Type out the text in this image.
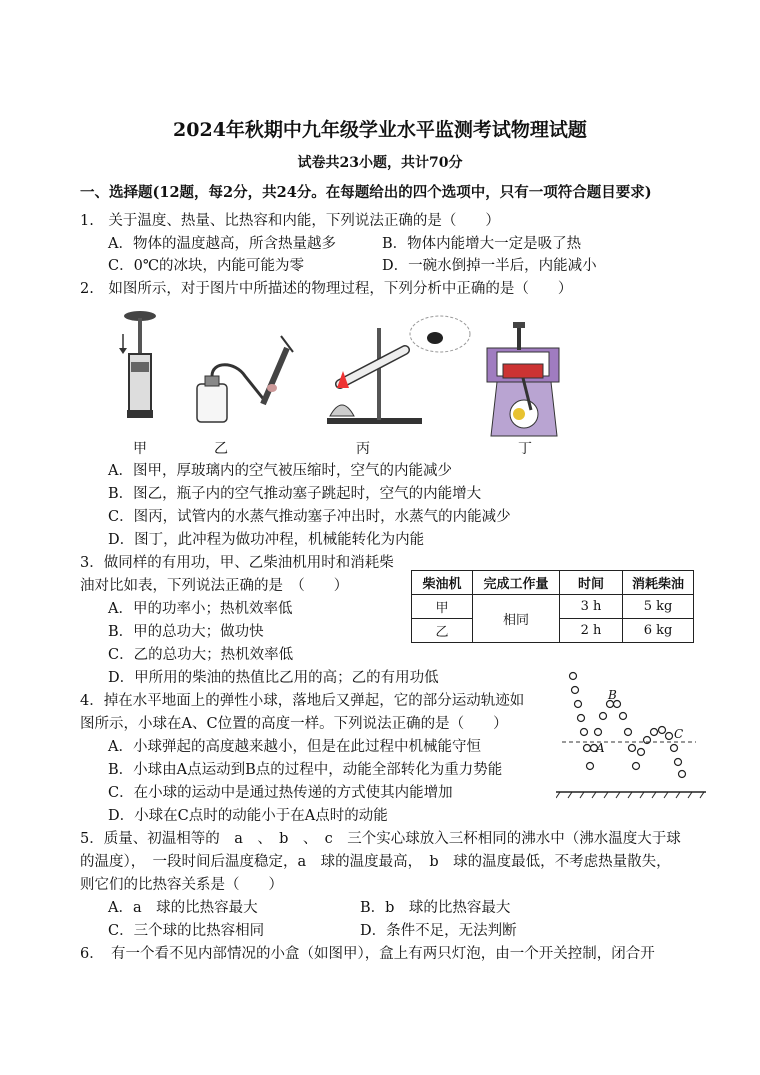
2024年秋期中九年级学业水平监测考试物理试题
试卷共23小题，共计70分
一、选择题(12题，每2分，共24分。在每题给出的四个选项中，只有一项符合题目要求)
1.　关于温度、热量、比热容和内能，下列说法正确的是（　　）
A．物体的温度越高，所含热量越多	B．物体内能增大一定是吸了热
C．0℃的冰块，内能可能为零	D．一碗水倒掉一半后，内能减小
2.　如图所示，对于图片中所描述的物理过程，下列分析中正确的是（　　）
甲	乙	丙	丁
A．图甲，厚玻璃内的空气被压缩时，空气的内能减少
B．图乙，瓶子内的空气推动塞子跳起时，空气的内能增大
C．图丙，试管内的水蒸气推动塞子冲出时，水蒸气的内能减少
D．图丁，此冲程为做功冲程，机械能转化为内能
3．做同样的有用功，甲、乙柴油机用时和消耗柴
油对比如表，下列说法正确的是　（　　）
A．甲的功率小；热机效率低
B．甲的总功大；做功快
C．乙的总功大；热机效率低
D．甲所用的柴油的热值比乙用的高；乙的有用功低
柴油机	完成工作量	时间	消耗柴油
甲	相同	3 h	5 kg
乙		2 h	6 kg
4．掉在水平地面上的弹性小球，落地后又弹起，它的部分运动轨迹如
图所示，小球在A、C位置的高度一样。下列说法正确的是（　　）
A．小球弹起的高度越来越小，但是在此过程中机械能守恒
B．小球由A点运动到B点的过程中，动能全部转化为重力势能
C．在小球的运动中是通过热传递的方式使其内能增加
D．小球在C点时的动能小于在A点时的动能
A
B
C
5．质量、初温相等的　a　、　b　、　c　三个实心球放入三杯相同的沸水中（沸水温度大于球
的温度），　一段时间后温度稳定，a　球的温度最高，　b　球的温度最低，不考虑热量散失，
则它们的比热容关系是（　　）
A．a　球的比热容最大	B．b　球的比热容最大
C．三个球的比热容相同	D．条件不足，无法判断
6．　有一个看不见内部情况的小盒（如图甲），盒上有两只灯泡，由一个开关控制，闭合开
